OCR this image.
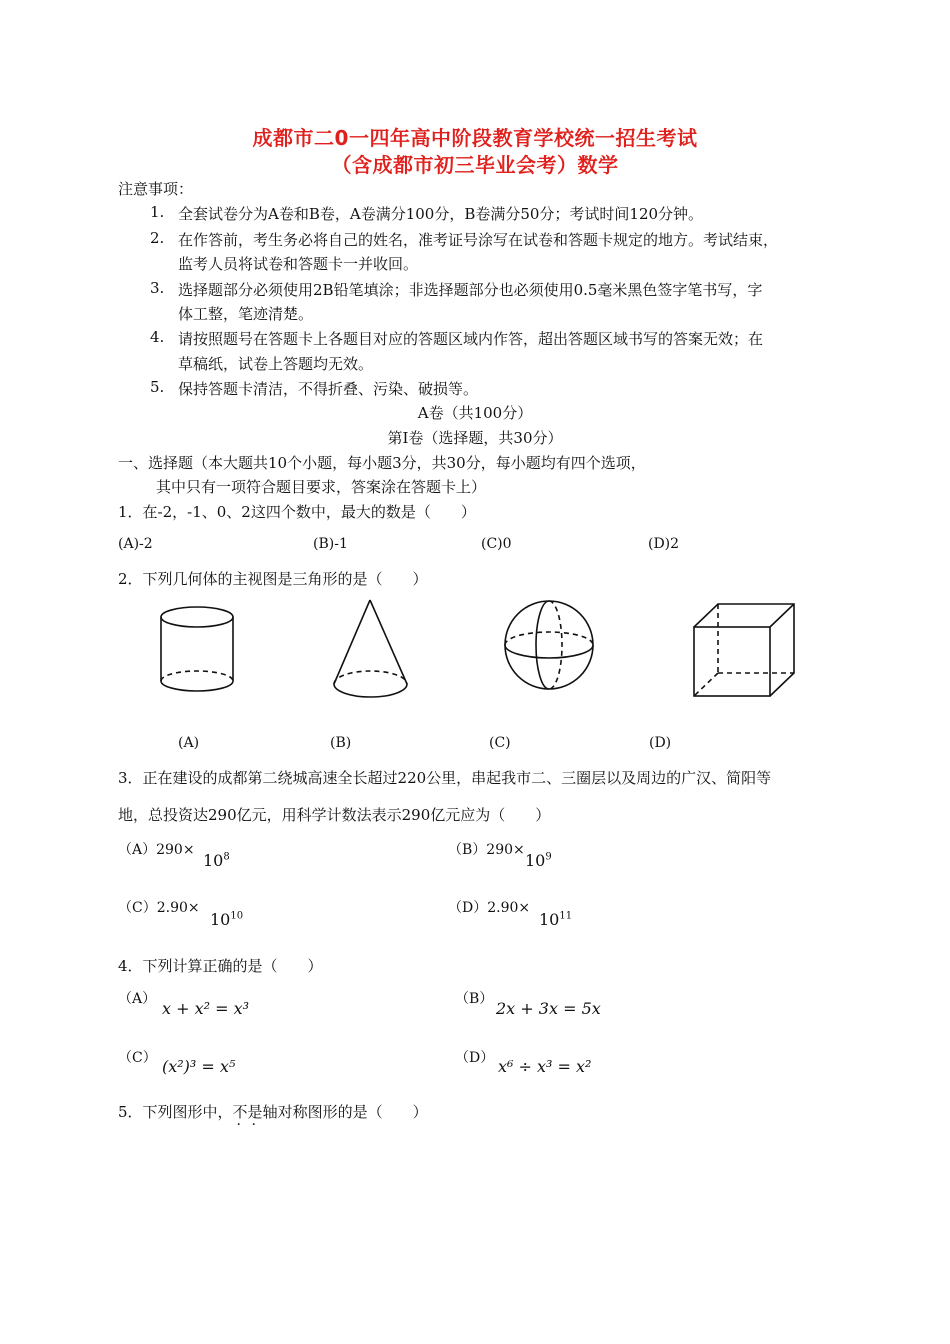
成都市二0一四年高中阶段教育学校统一招生考试
（含成都市初三毕业会考）数学
注意事项：
1. 全套试卷分为A卷和B卷，A卷满分100分，B卷满分50分；考试时间120分钟。
2. 在作答前，考生务必将自己的姓名，准考证号涂写在试卷和答题卡规定的地方。考试结束，
监考人员将试卷和答题卡一并收回。
3. 选择题部分必须使用2B铅笔填涂；非选择题部分也必须使用0.5毫米黑色签字笔书写，字
体工整，笔迹清楚。
4. 请按照题号在答题卡上各题目对应的答题区域内作答，超出答题区域书写的答案无效；在
草稿纸，试卷上答题均无效。
5. 保持答题卡清洁，不得折叠、污染、破损等。
A卷（共100分）
第Ⅰ卷（选择题，共30分）
一、选择题（本大题共10个小题，每小题3分，共30分，每小题均有四个选项，
其中只有一项符合题目要求，答案涂在答题卡上）
1．在-2，-1、0、2这四个数中，最大的数是（　　）
(A)-2	(B)-1	(C)0	(D)2
2．下列几何体的主视图是三角形的是（　　）
(A)	(B)	(C)	(D)
3．正在建设的成都第二绕城高速全长超过220公里，串起我市二、三圈层以及周边的广汉、简阳等
地，总投资达290亿元，用科学计数法表示290亿元应为（　　）
（A）290×
$10^8$	（B）290×
$10^9$
（C）2.90×
$10^{10}$
（D）2.90×
$10^{11}$
4．下列计算正确的是（　　）
（A） x + x² = x³	（B） 2x + 3x = 5x
（C） (x²)³ = x⁵	（D） x⁶ ÷ x³ = x²
5．下列图形中，不是
· ·
轴对称图形的是（　　）
